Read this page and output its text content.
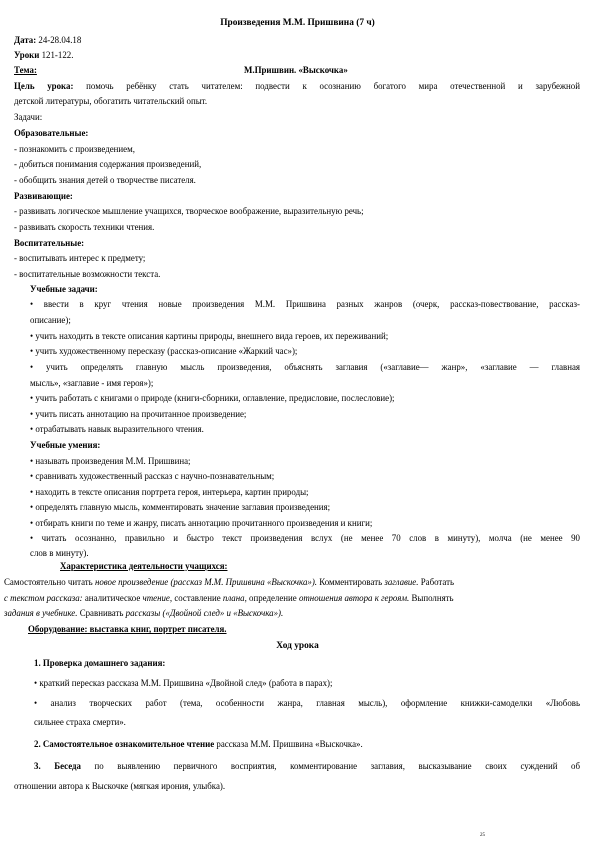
Произведения М.М. Пришвина (7 ч)
Дата: 24-28.04.18
Уроки 121-122.
Тема:	М.Пришвин. «Выскочка»
Цель урока: помочь ребёнку стать читателем: подвести к осознанию богатого мира отечественной и зарубежной
детской литературы, обогатить читательский опыт.
Задачи:
Образовательные:
- познакомить с произведением,
- добиться понимания содержания произведений,
- обобщить знания детей о творчестве писателя.
Развивающие:
- развивать логическое мышление учащихся, творческое воображение, выразительную речь;
- развивать скорость техники чтения.
Воспитательные:
- воспитывать интерес к предмету;
- воспитательные возможности текста.
Учебные задачи:
• ввести в круг чтения новые произведения М.М. Пришвина разных жанров (очерк, рассказ-повествование, рассказ-
описание);
• учить находить в тексте описания картины природы, внешнего вида героев, их переживаний;
• учить художественному пересказу (рассказ-описание «Жаркий час»);
• учить определять главную мысль произведения, объяснять заглавия («заглавие— жанр», «заглавие — главная
мысль», «заглавие - имя героя»);
• учить работать с книгами о природе (книги-сборники, оглавление, предисловие, послесловие);
• учить писать аннотацию на прочитанное произведение;
• отрабатывать навык выразительного чтения.
Учебные умения:
• называть произведения М.М. Пришвина;
• сравнивать художественный рассказ с научно-познавательным;
• находить в тексте описания портрета героя, интерьера, картин природы;
• определять главную мысль, комментировать значение заглавия произведения;
• отбирать книги по теме и жанру, писать аннотацию прочитанного произведения и книги;
• читать осознанно, правильно и быстро текст произведения вслух (не менее 70 слов в минуту), молча (не менее 90
слов в минуту).
Характеристика деятельности учащихся:
Самостоятельно читать новое произведение (рассказ М.М. Пришвина «Выскочка»). Комментировать заглавие. Работать
с текстом рассказа: аналитическое чтение, составление плана, определение отношения автора к героям. Выполнять
задания в учебнике. Сравнивать рассказы («Двойной след» и «Выскочка»).
Оборудование: выставка книг, портрет писателя.
Ход урока
1. Проверка домашнего задания:
• краткий пересказ рассказа М.М. Пришвина «Двойной след» (работа в парах);
• анализ творческих работ (тема, особенности жанра, главная мысль), оформление книжки-самоделки «Любовь
сильнее страха смерти».
2. Самостоятельное ознакомительное чтение рассказа М.М. Пришвина «Выскочка».
3. Беседа по выявлению первичного восприятия, комментирование заглавия, высказывание своих суждений об
отношении автора к Выскочке (мягкая ирония, улыбка).
25
